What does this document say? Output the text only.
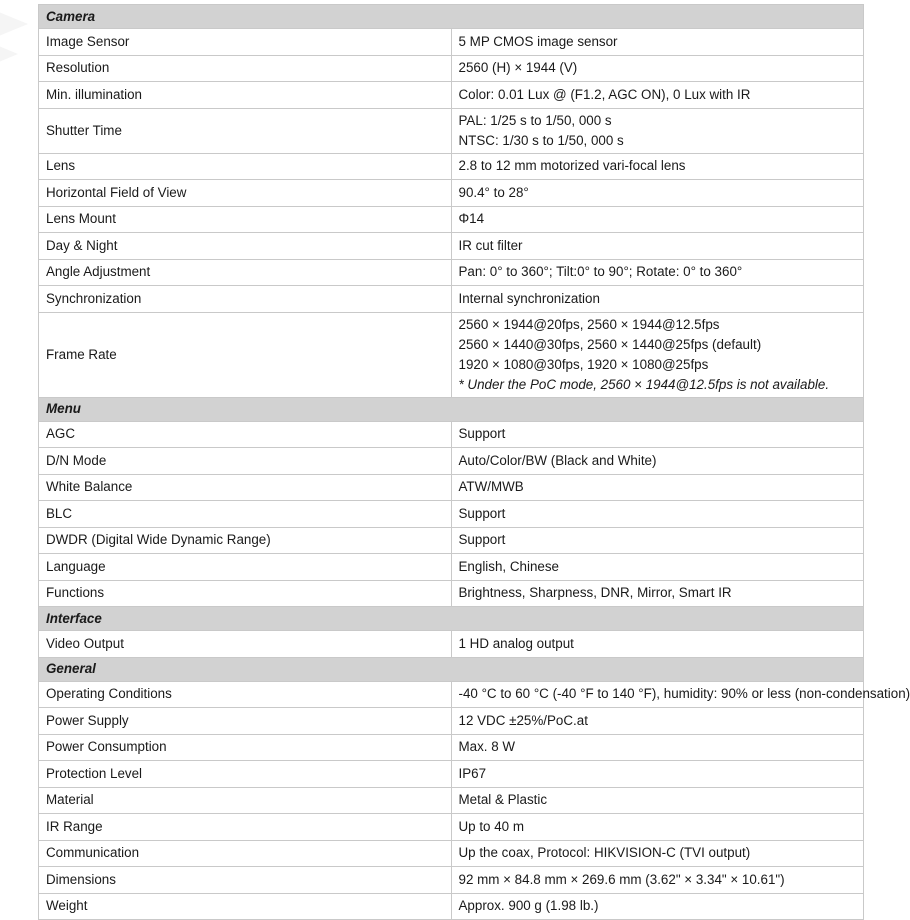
Camera	
Image Sensor	5 MP CMOS image sensor

Resolution	2560 (H) × 1944 (V)

Min. illumination	Color: 0.01 Lux @ (F1.2, AGC ON), 0 Lux with IR

Shutter Time	PAL: 1/25 s to 1/50, 000 s
NTSC: 1/30 s to 1/50, 000 s

Lens	2.8 to 12 mm motorized vari-focal lens

Horizontal Field of View	90.4° to 28°

Lens Mount	Φ14

Day & Night	IR cut filter

Angle Adjustment	Pan: 0° to 360°; Tilt:0° to 90°; Rotate: 0° to 360°

Synchronization	Internal synchronization

Frame Rate	2560 × 1944@20fps, 2560 × 1944@12.5fps
2560 × 1440@30fps, 2560 × 1440@25fps (default)
1920 × 1080@30fps, 1920 × 1080@25fps
* Under the PoC mode, 2560 × 1944@12.5fps is not available.

Menu	
AGC	Support

D/N Mode	Auto/Color/BW (Black and White)

White Balance	ATW/MWB

BLC	Support

DWDR (Digital Wide Dynamic Range)	Support

Language	English, Chinese

Functions	Brightness, Sharpness, DNR, Mirror, Smart IR

Interface	
Video Output	1 HD analog output

General	
Operating Conditions	-40 °C to 60 °C (-40 °F to 140 °F), humidity: 90% or less (non-condensation)

Power Supply	12 VDC ±25%/PoC.at

Power Consumption	Max. 8 W

Protection Level	IP67

Material	Metal & Plastic

IR Range	Up to 40 m

Communication	Up the coax, Protocol: HIKVISION-C (TVI output)

Dimensions	92 mm × 84.8 mm × 269.6 mm (3.62" × 3.34" × 10.61")

Weight	Approx. 900 g (1.98 lb.)
